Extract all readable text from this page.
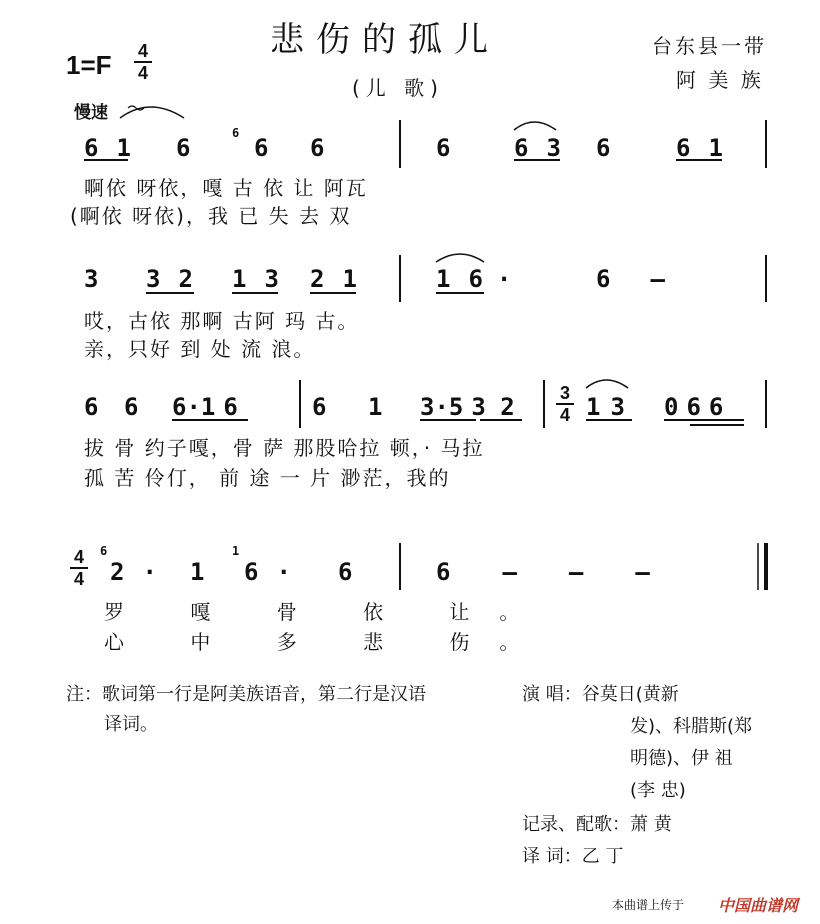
悲伤的孤儿
(儿 歌)
1=F 4
4
台东县一带
阿 美 族
慢速
6 1 6
6
6 6	6	6 3 6	6 1
啊依 呀依，嘎 古 依 让 阿瓦
(啊依 呀依)，我 已 失 去 双
3 3 2 1 3 2 1	1 6 ·	6 —
哎，古依 那啊 古阿 玛 古。
亲，只好 到 处 流 浪。
6 6 6·1 6	6 1 3·5 3 2	3
4 1 3 0 6 6
拔 骨 约子嘎，骨 萨 那股哈拉 顿，· 马拉
孤 苦 伶仃， 前 途 一 片 渺茫，我的
4
4
6
2 · 1
1
6 · 6	6 — — —
罗 嘎 骨 依 让。
心 中 多 悲 伤。
注：歌词第一行是阿美族语音，第二行是汉语
译词。
演 唱：谷莫日(黄新
发)、科腊斯(郑
明德)、伊 祖
(李 忠)
记录、配歌：萧 黄
译 词：乙 丁
本曲谱上传于 中国曲谱网
